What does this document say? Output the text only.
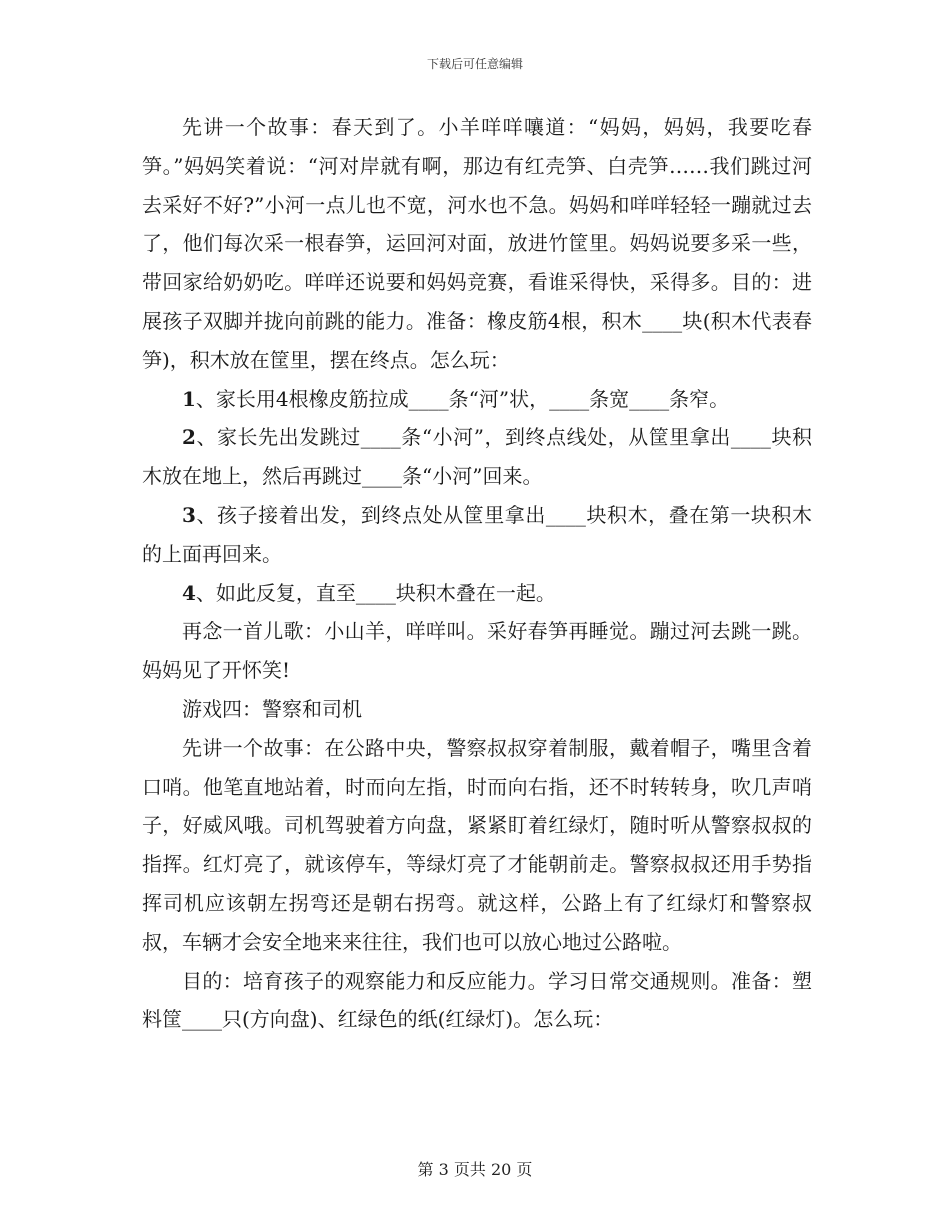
下载后可任意编辑

先讲一个故事：春天到了。小羊咩咩嚷道：“妈妈，妈妈，我要吃春笋。”妈妈笑着说：“河对岸就有啊，那边有红壳笋、白壳笋……我们跳过河去采好不好?”小河一点儿也不宽，河水也不急。妈妈和咩咩轻轻一蹦就过去了，他们每次采一根春笋，运回河对面，放进竹筐里。妈妈说要多采一些，带回家给奶奶吃。咩咩还说要和妈妈竞赛，看谁采得快，采得多。目的：进展孩子双脚并拢向前跳的能力。准备：橡皮筋4根，积木____块(积木代表春笋)，积木放在筐里，摆在终点。怎么玩：

1、家长用4根橡皮筋拉成____条“河”状，____条宽____条窄。

2、家长先出发跳过____条“小河”，到终点线处，从筐里拿出____块积木放在地上，然后再跳过____条“小河”回来。

3、孩子接着出发，到终点处从筐里拿出____块积木，叠在第一块积木的上面再回来。

4、如此反复，直至____块积木叠在一起。

再念一首儿歌：小山羊，咩咩叫。采好春笋再睡觉。蹦过河去跳一跳。妈妈见了开怀笑!

游戏四：警察和司机

先讲一个故事：在公路中央，警察叔叔穿着制服，戴着帽子，嘴里含着口哨。他笔直地站着，时而向左指，时而向右指，还不时转转身，吹几声哨子，好威风哦。司机驾驶着方向盘，紧紧盯着红绿灯，随时听从警察叔叔的指挥。红灯亮了，就该停车，等绿灯亮了才能朝前走。警察叔叔还用手势指挥司机应该朝左拐弯还是朝右拐弯。就这样，公路上有了红绿灯和警察叔叔，车辆才会安全地来来往往，我们也可以放心地过公路啦。

目的：培育孩子的观察能力和反应能力。学习日常交通规则。准备：塑料筐____只(方向盘)、红绿色的纸(红绿灯)。怎么玩：

第 3 页共 20 页
